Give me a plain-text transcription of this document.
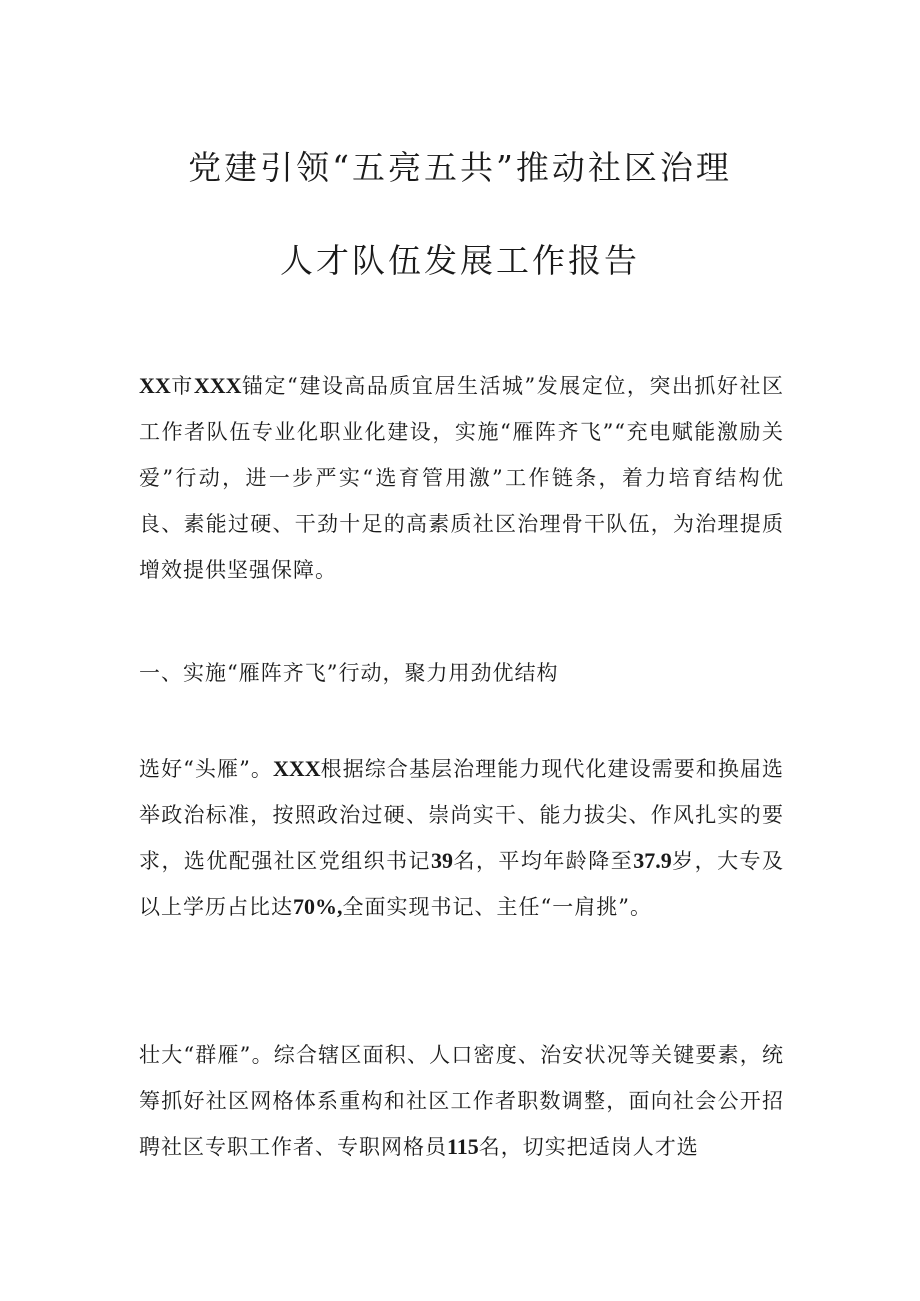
党建引领“五亮五共”推动社区治理
人才队伍发展工作报告

XX市XXX锚定“建设高品质宜居生活城”发展定位，突出抓好社区工作者队伍专业化职业化建设，实施“雁阵齐飞”“充电赋能激励关爱”行动，进一步严实“选育管用激”工作链条，着力培育结构优良、素能过硬、干劲十足的高素质社区治理骨干队伍，为治理提质增效提供坚强保障。

一、实施“雁阵齐飞”行动，聚力用劲优结构

选好“头雁”。XXX根据综合基层治理能力现代化建设需要和换届选举政治标准，按照政治过硬、崇尚实干、能力拔尖、作风扎实的要求，选优配强社区党组织书记39名，平均年龄降至37.9岁，大专及以上学历占比达70%,全面实现书记、主任“一肩挑”。

壮大“群雁”。综合辖区面积、人口密度、治安状况等关键要素，统筹抓好社区网格体系重构和社区工作者职数调整，面向社会公开招聘社区专职工作者、专职网格员115名，切实把适岗人才选
